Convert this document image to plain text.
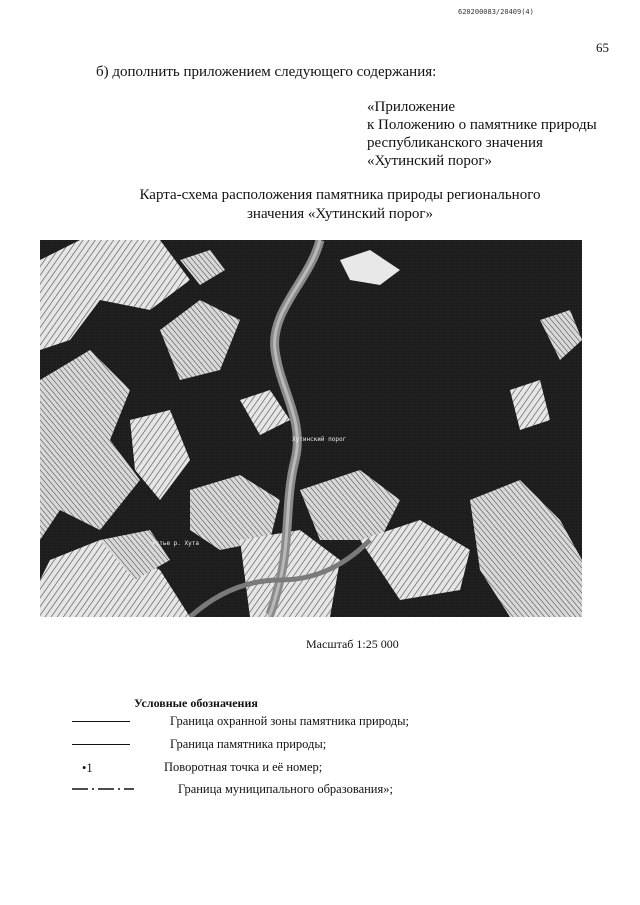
620200083/20409(4)
65
б) дополнить приложением следующего содержания:
«Приложение
к Положению о памятнике природы
республиканского значения
«Хутинский порог»
Карта-схема расположения памятника природы регионального
значения «Хутинский порог»
Хутинский порог
Устье р. Хута
Масштаб 1:25 000
Условные обозначения
Граница охранной зоны памятника природы;
Граница памятника природы;
•1	Поворотная точка и её номер;
Граница муниципального образования»;
